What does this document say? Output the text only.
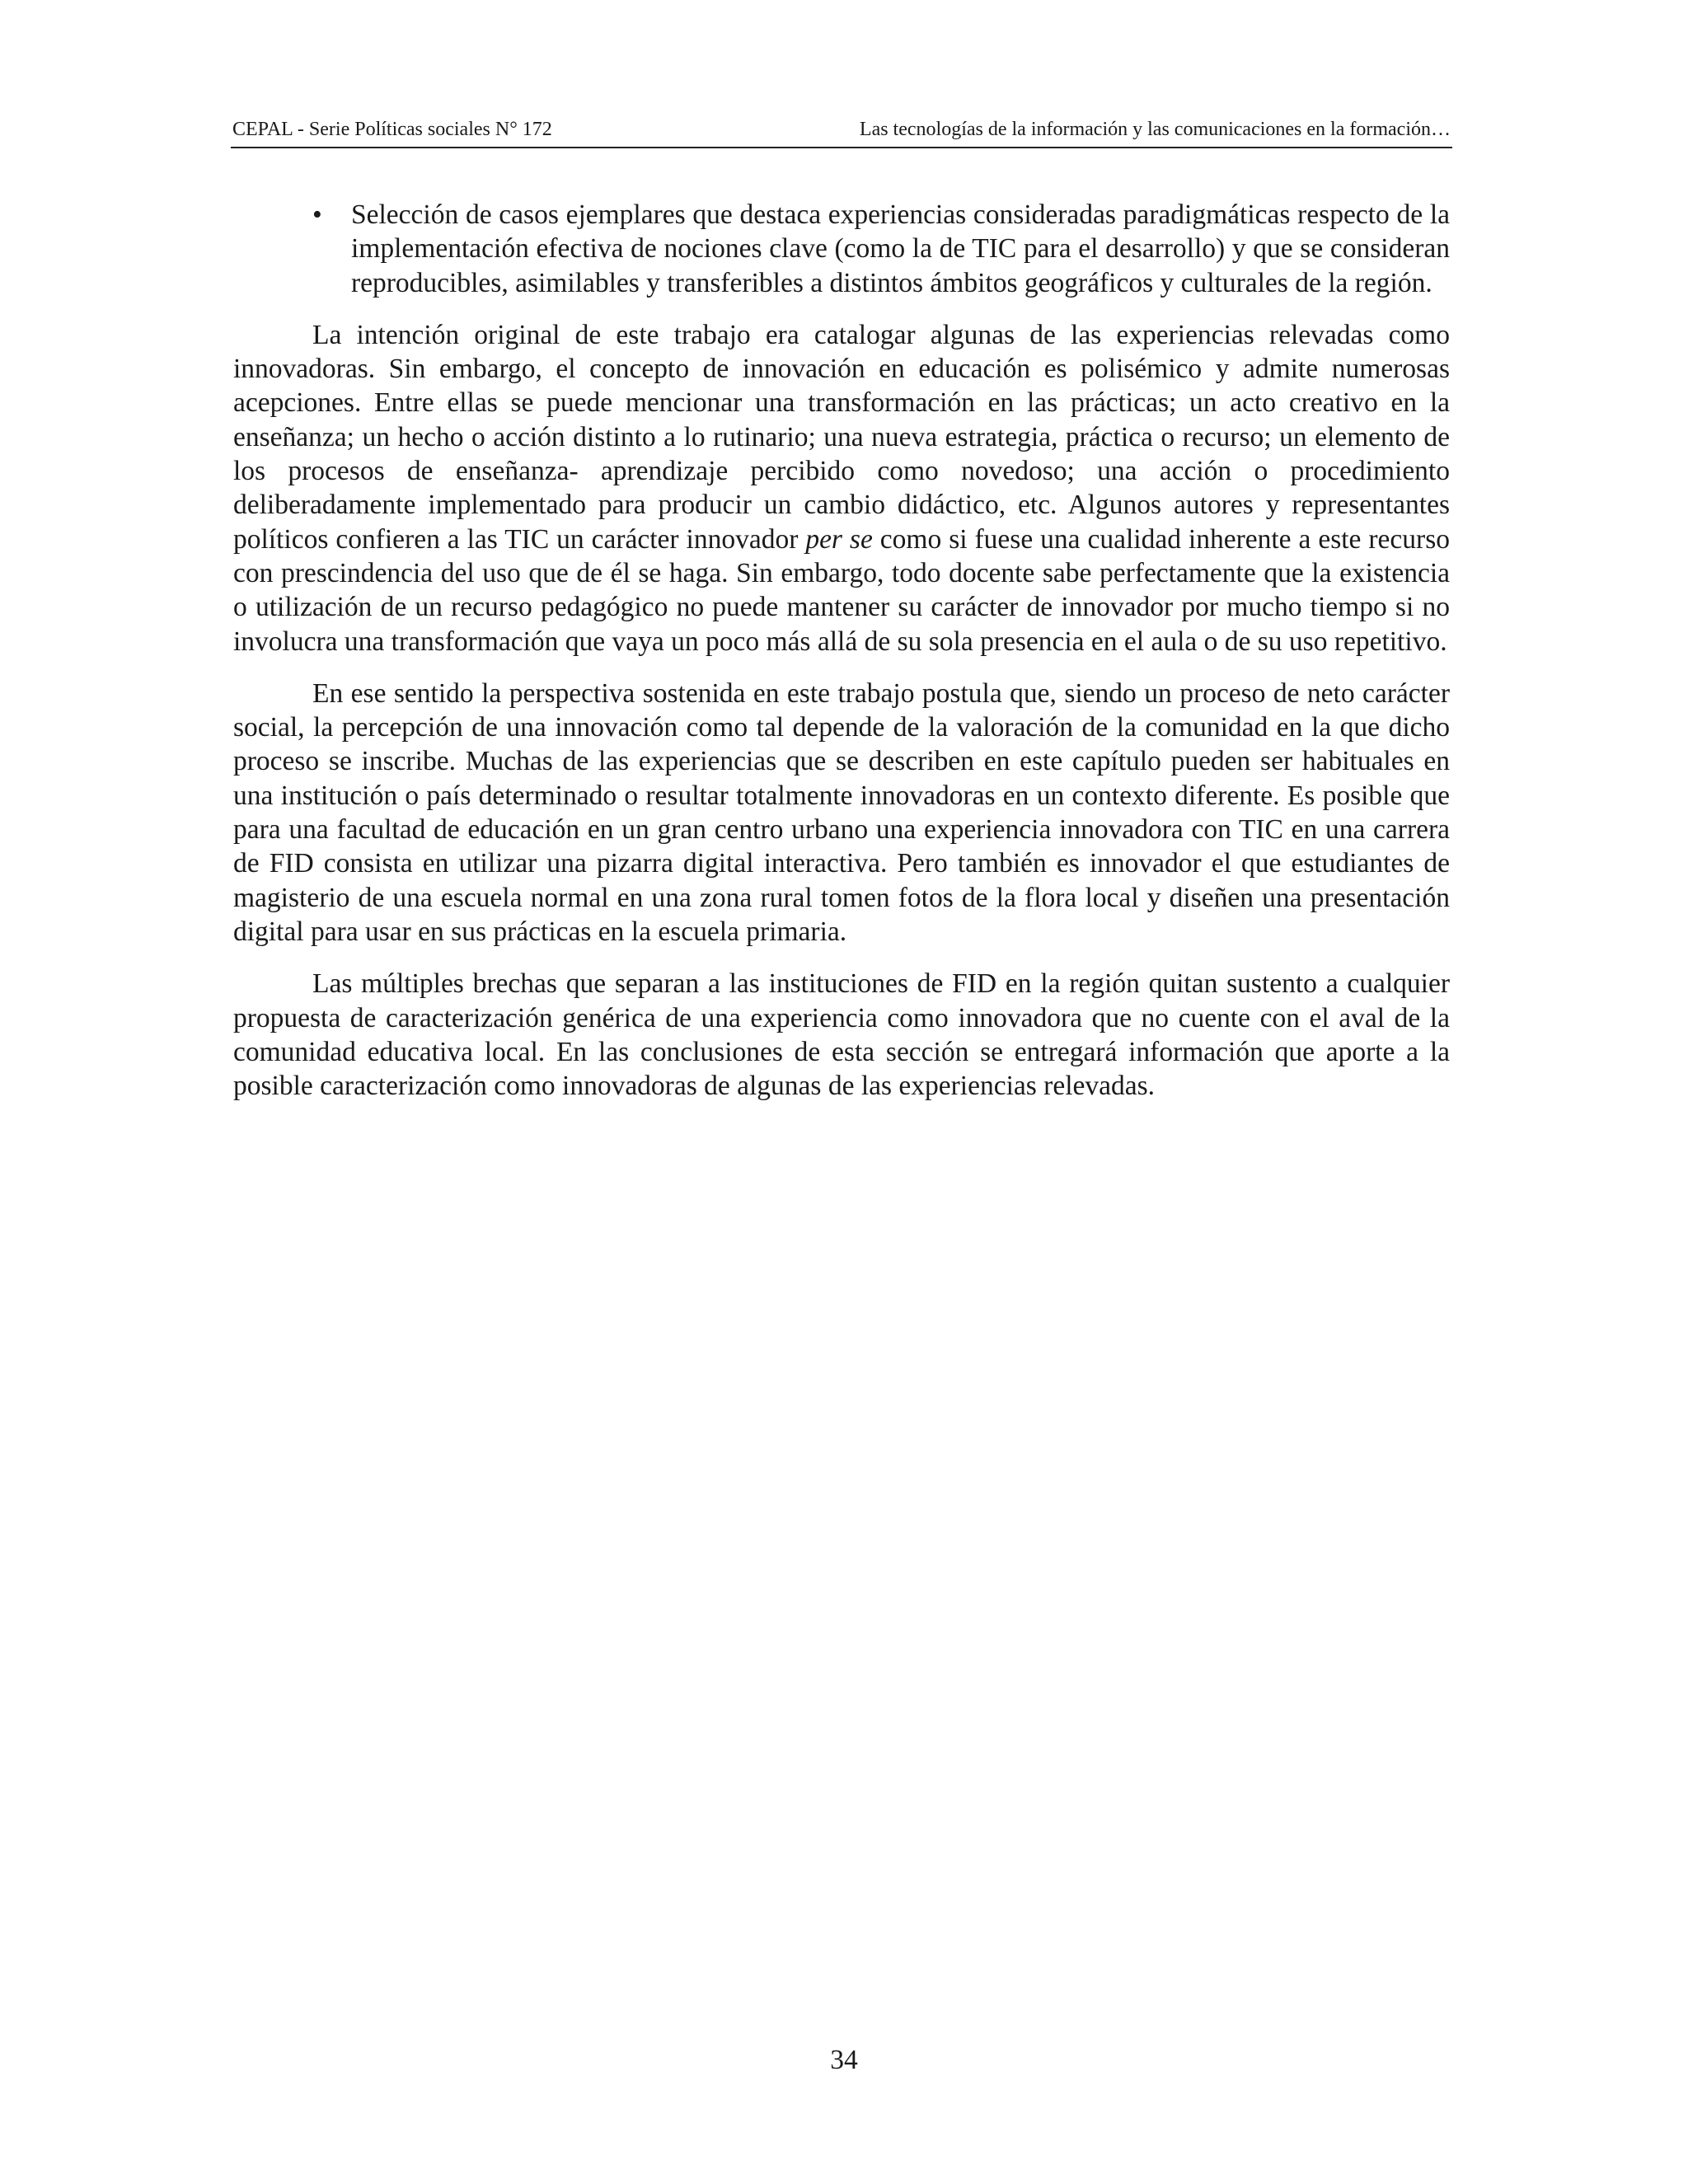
CEPAL - Serie Políticas sociales N° 172	Las tecnologías de la información y las comunicaciones en la formación…
• Selección de casos ejemplares que destaca experiencias consideradas paradigmáticas respecto de la implementación efectiva de nociones clave (como la de TIC para el desarrollo) y que se consideran reproducibles, asimilables y transferibles a distintos ámbitos geográficos y culturales de la región.

La intención original de este trabajo era catalogar algunas de las experiencias relevadas como innovadoras. Sin embargo, el concepto de innovación en educación es polisémico y admite numerosas acepciones. Entre ellas se puede mencionar una transformación en las prácticas; un acto creativo en la enseñanza; un hecho o acción distinto a lo rutinario; una nueva estrategia, práctica o recurso; un elemento de los procesos de enseñanza- aprendizaje percibido como novedoso; una acción o procedimiento deliberadamente implementado para producir un cambio didáctico, etc. Algunos autores y representantes políticos confieren a las TIC un carácter innovador per se como si fuese una cualidad inherente a este recurso con prescindencia del uso que de él se haga. Sin embargo, todo docente sabe perfectamente que la existencia o utilización de un recurso pedagógico no puede mantener su carácter de innovador por mucho tiempo si no involucra una transformación que vaya un poco más allá de su sola presencia en el aula o de su uso repetitivo.

En ese sentido la perspectiva sostenida en este trabajo postula que, siendo un proceso de neto carácter social, la percepción de una innovación como tal depende de la valoración de la comunidad en la que dicho proceso se inscribe. Muchas de las experiencias que se describen en este capítulo pueden ser habituales en una institución o país determinado o resultar totalmente innovadoras en un contexto diferente. Es posible que para una facultad de educación en un gran centro urbano una experiencia innovadora con TIC en una carrera de FID consista en utilizar una pizarra digital interactiva. Pero también es innovador el que estudiantes de magisterio de una escuela normal en una zona rural tomen fotos de la flora local y diseñen una presentación digital para usar en sus prácticas en la escuela primaria.

Las múltiples brechas que separan a las instituciones de FID en la región quitan sustento a cualquier propuesta de caracterización genérica de una experiencia como innovadora que no cuente con el aval de la comunidad educativa local. En las conclusiones de esta sección se entregará información que aporte a la posible caracterización como innovadoras de algunas de las experiencias relevadas.

34
